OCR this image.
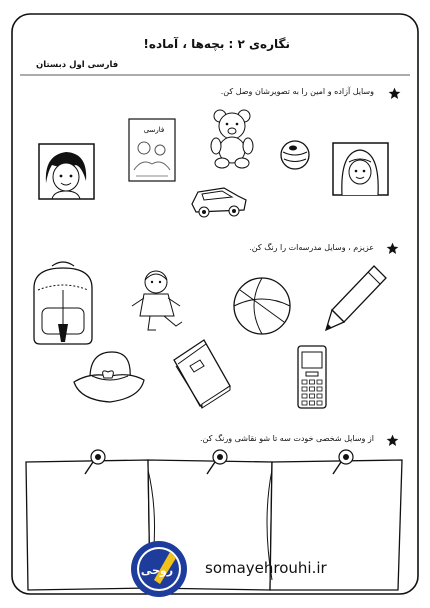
نگاره‌ی ۲ : بچه‌ها ، آماده!
فارسی اول دبستان
وسایل آزاده و امین را به تصویرشان وصل کن.
فارسی
عزیزم ، وسایل مدرسه‌ات را رنگ کن.
از وسایل شخصی خودت سه تا شو نقاشی ورنگ کن.
روحی somayehrouhi.ir
